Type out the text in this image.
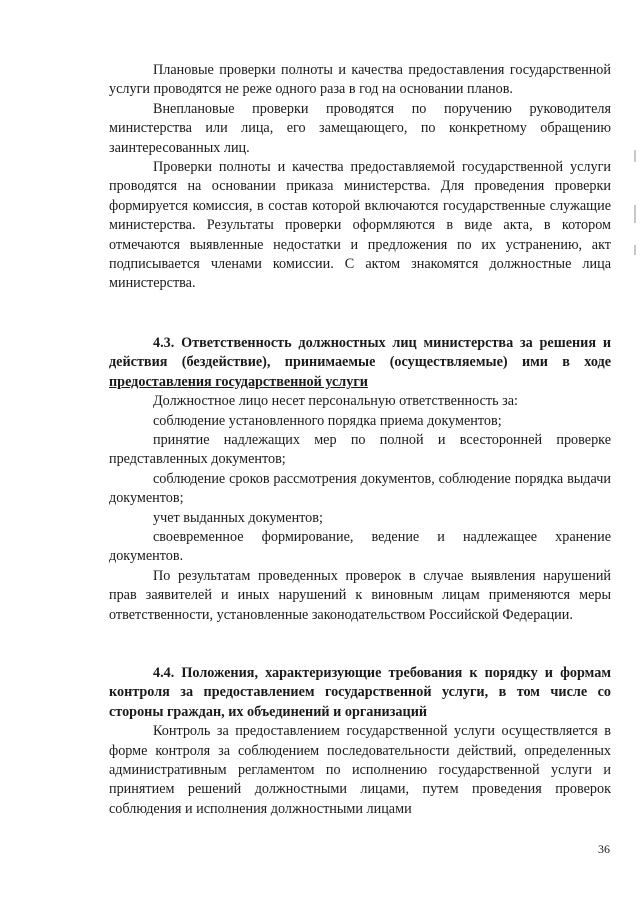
Плановые проверки полноты и качества предоставления государственной услуги проводятся не реже одного раза в год на основании планов.

Внеплановые проверки проводятся по поручению руководителя министерства или лица, его замещающего, по конкретному обращению заинтересованных лиц.

Проверки полноты и качества предоставляемой государственной услуги проводятся на основании приказа министерства. Для проведения проверки формируется комиссия, в состав которой включаются государственные служащие министерства. Результаты проверки оформляются в виде акта, в котором отмечаются выявленные недостатки и предложения по их устранению, акт подписывается членами комиссии. С актом знакомятся должностные лица министерства.

4.3. Ответственность должностных лиц министерства за решения и действия (бездействие), принимаемые (осуществляемые) ими в ходе предоставления государственной услуги

Должностное лицо несет персональную ответственность за:

соблюдение установленного порядка приема документов;

принятие надлежащих мер по полной и всесторонней проверке представленных документов;

соблюдение сроков рассмотрения документов, соблюдение порядка выдачи документов;

учет выданных документов;

своевременное формирование, ведение и надлежащее хранение документов.

По результатам проведенных проверок в случае выявления нарушений прав заявителей и иных нарушений к виновным лицам применяются меры ответственности, установленные законодательством Российской Федерации.

4.4. Положения, характеризующие требования к порядку и формам контроля за предоставлением государственной услуги, в том числе со стороны граждан, их объединений и организаций

Контроль за предоставлением государственной услуги осуществляется в форме контроля за соблюдением последовательности действий, определенных административным регламентом по исполнению государственной услуги и принятием решений должностными лицами, путем проведения проверок соблюдения и исполнения должностными лицами

36
